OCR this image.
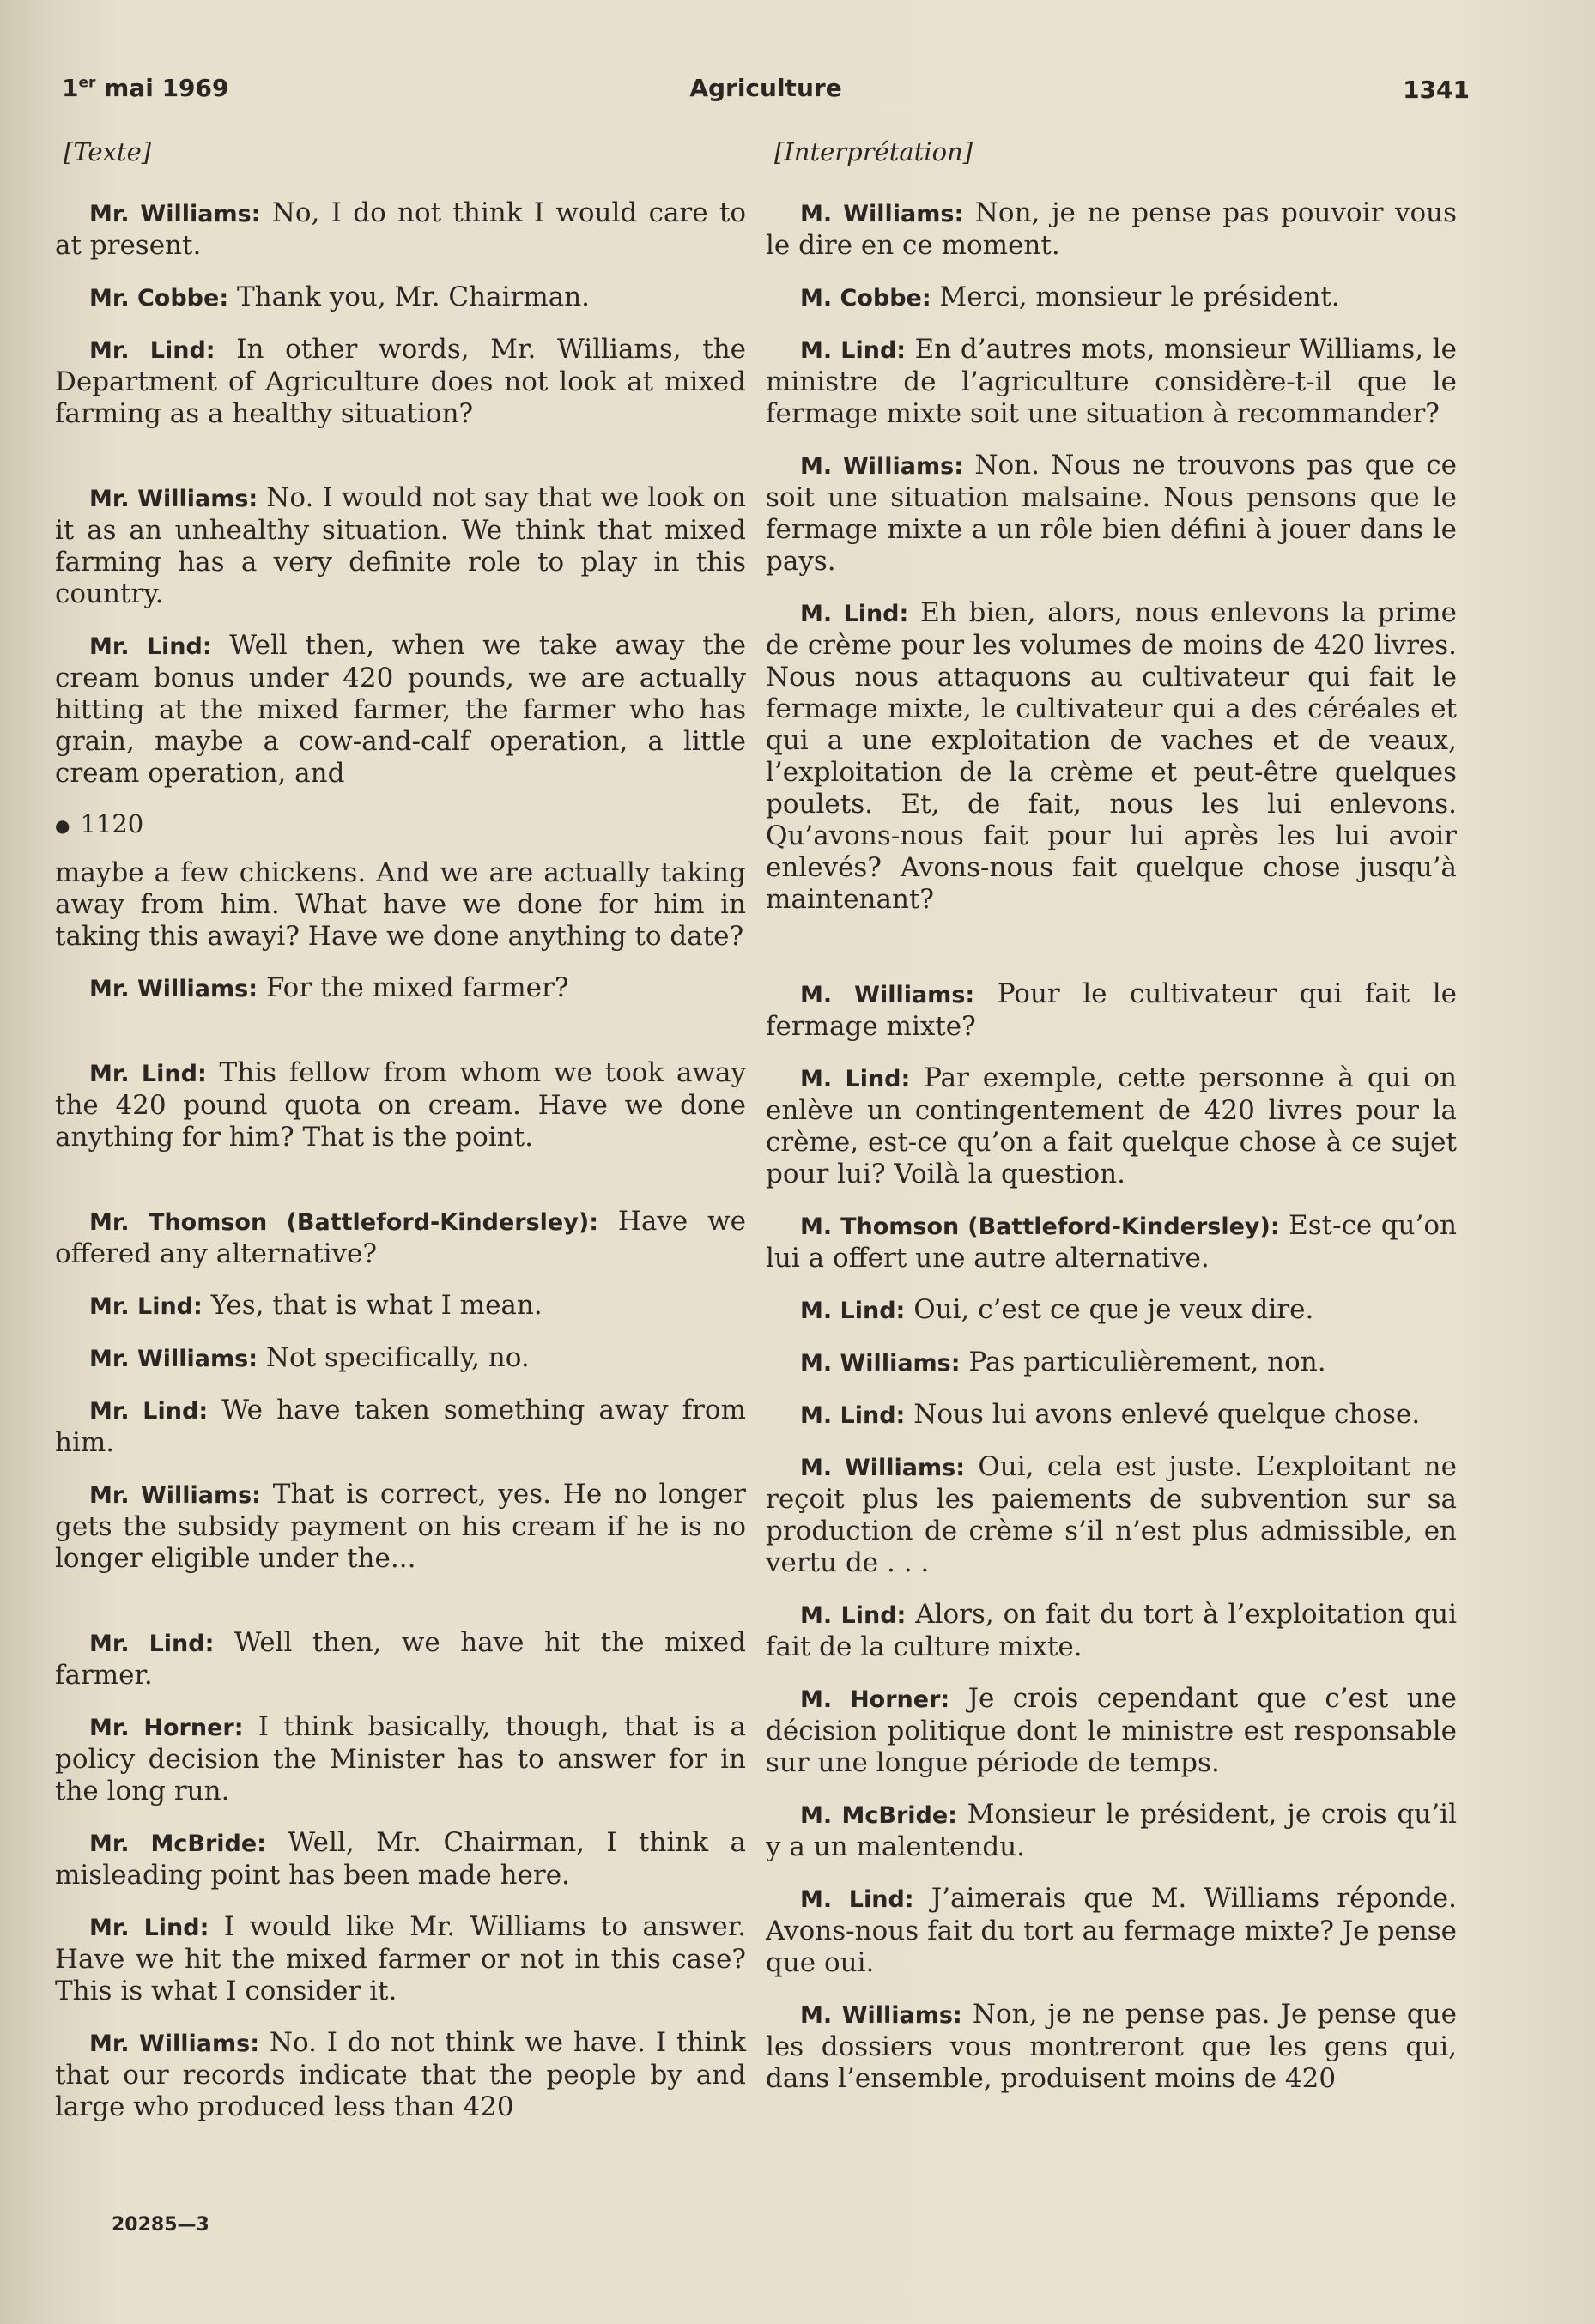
1er mai 1969	Agriculture	1341
[Texte]

Mr. Williams: No, I do not think I would care to at present.

Mr. Cobbe: Thank you, Mr. Chairman.

Mr. Lind: In other words, Mr. Williams, the Department of Agriculture does not look at mixed farming as a healthy situation?

Mr. Williams: No. I would not say that we look on it as an unhealthy situation. We think that mixed farming has a very definite role to play in this country.

Mr. Lind: Well then, when we take away the cream bonus under 420 pounds, we are actually hitting at the mixed farmer, the farmer who has grain, maybe a cow-and-calf operation, a little cream operation, and

● 1120

maybe a few chickens. And we are actually taking away from him. What have we done for him in taking this awayi? Have we done anything to date?

Mr. Williams: For the mixed farmer?

Mr. Lind: This fellow from whom we took away the 420 pound quota on cream. Have we done anything for him? That is the point.

Mr. Thomson (Battleford-Kindersley): Have we offered any alternative?

Mr. Lind: Yes, that is what I mean.

Mr. Williams: Not specifically, no.

Mr. Lind: We have taken something away from him.

Mr. Williams: That is correct, yes. He no longer gets the subsidy payment on his cream if he is no longer eligible under the...

Mr. Lind: Well then, we have hit the mixed farmer.

Mr. Horner: I think basically, though, that is a policy decision the Minister has to answer for in the long run.

Mr. McBride: Well, Mr. Chairman, I think a misleading point has been made here.

Mr. Lind: I would like Mr. Williams to answer. Have we hit the mixed farmer or not in this case? This is what I consider it.

Mr. Williams: No. I do not think we have. I think that our records indicate that the people by and large who produced less than 420

[Interprétation]

M. Williams: Non, je ne pense pas pouvoir vous le dire en ce moment.

M. Cobbe: Merci, monsieur le président.

M. Lind: En d’autres mots, monsieur Williams, le ministre de l’agriculture considère-t-il que le fermage mixte soit une situation à recommander?

M. Williams: Non. Nous ne trouvons pas que ce soit une situation malsaine. Nous pensons que le fermage mixte a un rôle bien défini à jouer dans le pays.

M. Lind: Eh bien, alors, nous enlevons la prime de crème pour les volumes de moins de 420 livres. Nous nous attaquons au cultivateur qui fait le fermage mixte, le cultivateur qui a des céréales et qui a une exploitation de vaches et de veaux, l’exploitation de la crème et peut-être quelques poulets. Et, de fait, nous les lui enlevons. Qu’avons-nous fait pour lui après les lui avoir enlevés? Avons-nous fait quelque chose jusqu’à maintenant?

M. Williams: Pour le cultivateur qui fait le fermage mixte?

M. Lind: Par exemple, cette personne à qui on enlève un contingentement de 420 livres pour la crème, est-ce qu’on a fait quelque chose à ce sujet pour lui? Voilà la question.

M. Thomson (Battleford-Kindersley): Est-ce qu’on lui a offert une autre alternative.

M. Lind: Oui, c’est ce que je veux dire.

M. Williams: Pas particulièrement, non.

M. Lind: Nous lui avons enlevé quelque chose.

M. Williams: Oui, cela est juste. L’exploitant ne reçoit plus les paiements de subvention sur sa production de crème s’il n’est plus admissible, en vertu de . . .

M. Lind: Alors, on fait du tort à l’exploitation qui fait de la culture mixte.

M. Horner: Je crois cependant que c’est une décision politique dont le ministre est responsable sur une longue période de temps.

M. McBride: Monsieur le président, je crois qu’il y a un malentendu.

M. Lind: J’aimerais que M. Williams réponde. Avons-nous fait du tort au fermage mixte? Je pense que oui.

M. Williams: Non, je ne pense pas. Je pense que les dossiers vous montreront que les gens qui, dans l’ensemble, produisent moins de 420

20285—3
